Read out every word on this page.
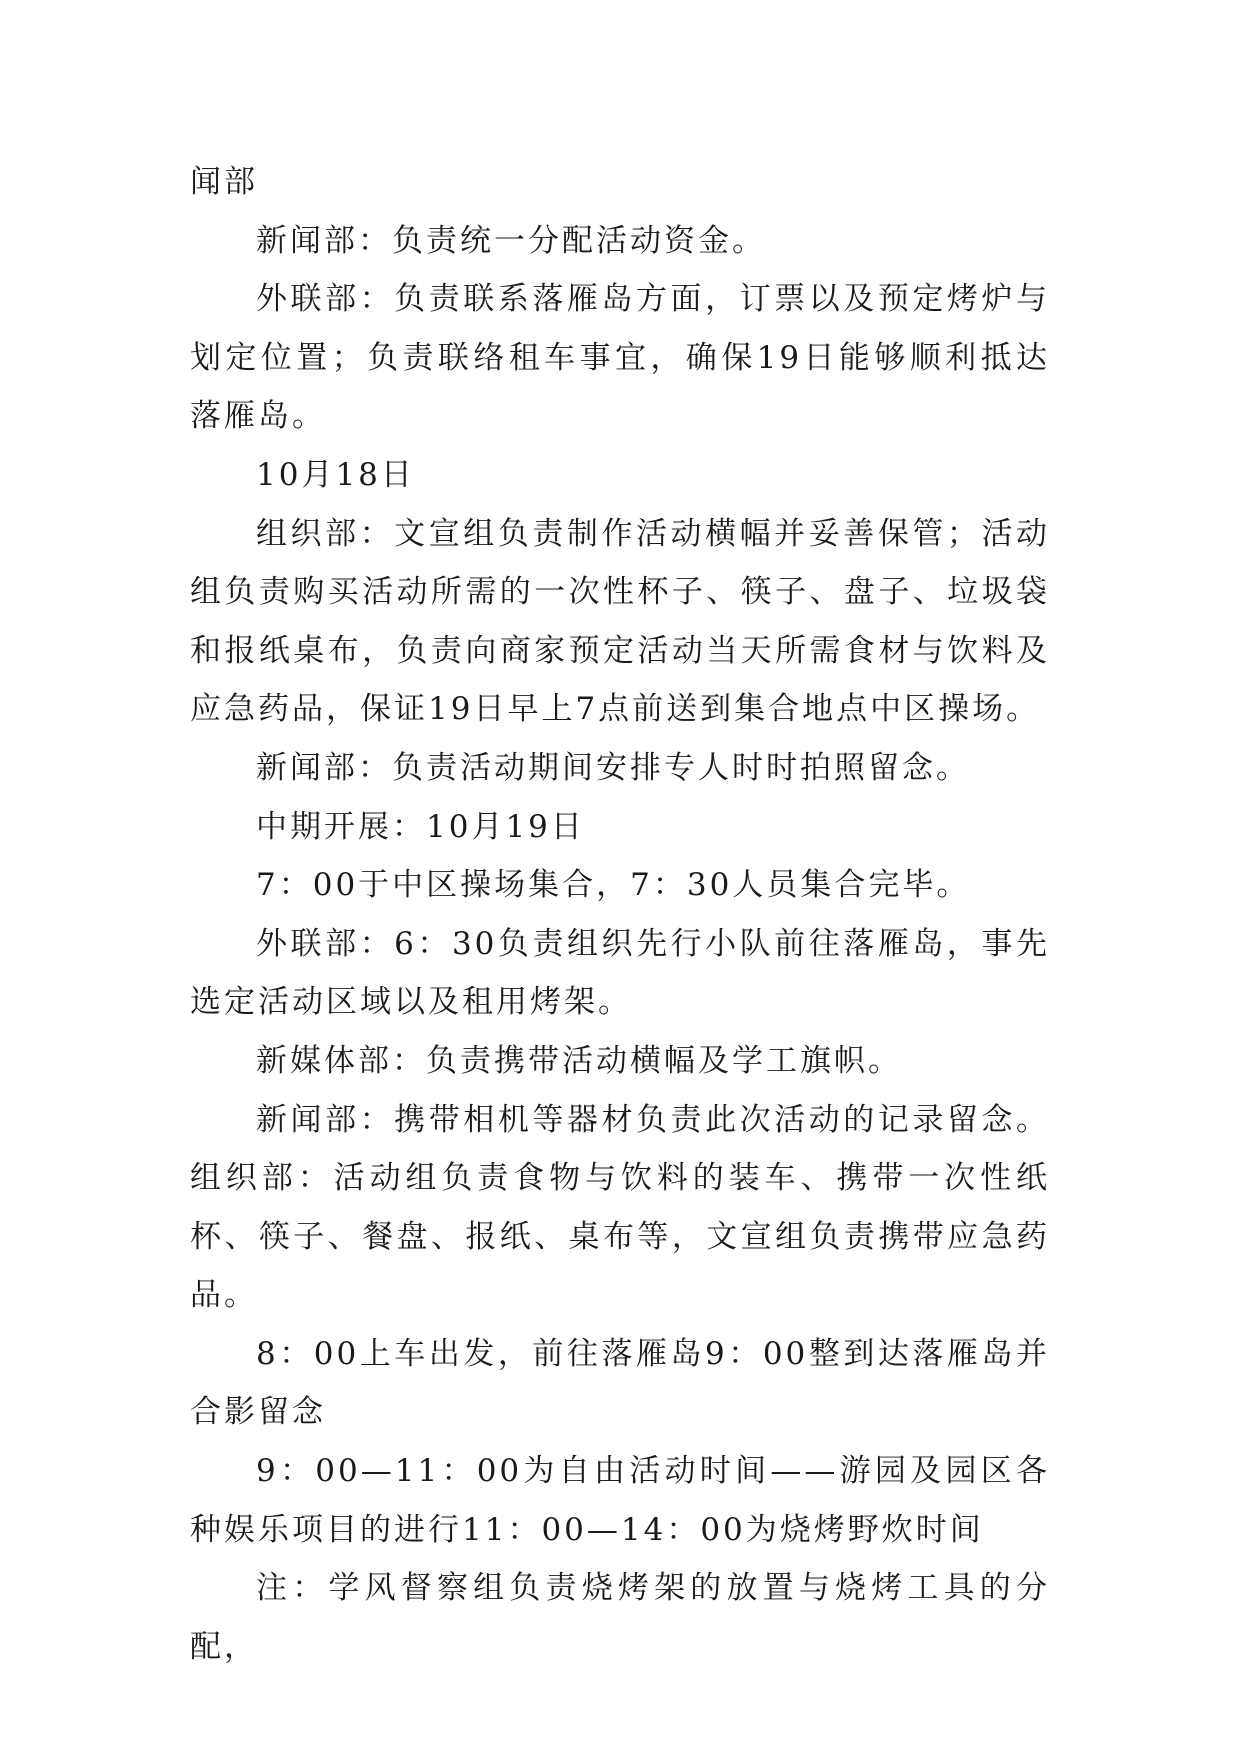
闻部

新闻部：负责统一分配活动资金。

外联部：负责联系落雁岛方面，订票以及预定烤炉与划定位置；负责联络租车事宜，确保19日能够顺利抵达落雁岛。

10月18日

组织部：文宣组负责制作活动横幅并妥善保管；活动组负责购买活动所需的一次性杯子、筷子、盘子、垃圾袋和报纸桌布，负责向商家预定活动当天所需食材与饮料及应急药品，保证19日早上7点前送到集合地点中区操场。

新闻部：负责活动期间安排专人时时拍照留念。

中期开展：10月19日

7：00于中区操场集合，7：30人员集合完毕。

外联部：6：30负责组织先行小队前往落雁岛，事先选定活动区域以及租用烤架。

新媒体部：负责携带活动横幅及学工旗帜。

新闻部：携带相机等器材负责此次活动的记录留念。组织部：活动组负责食物与饮料的装车、携带一次性纸杯、筷子、餐盘、报纸、桌布等，文宣组负责携带应急药品。

8：00上车出发，前往落雁岛9：00整到达落雁岛并合影留念

9：00—11：00为自由活动时间——游园及园区各种娱乐项目的进行11：00—14：00为烧烤野炊时间

注：学风督察组负责烧烤架的放置与烧烤工具的分配，
